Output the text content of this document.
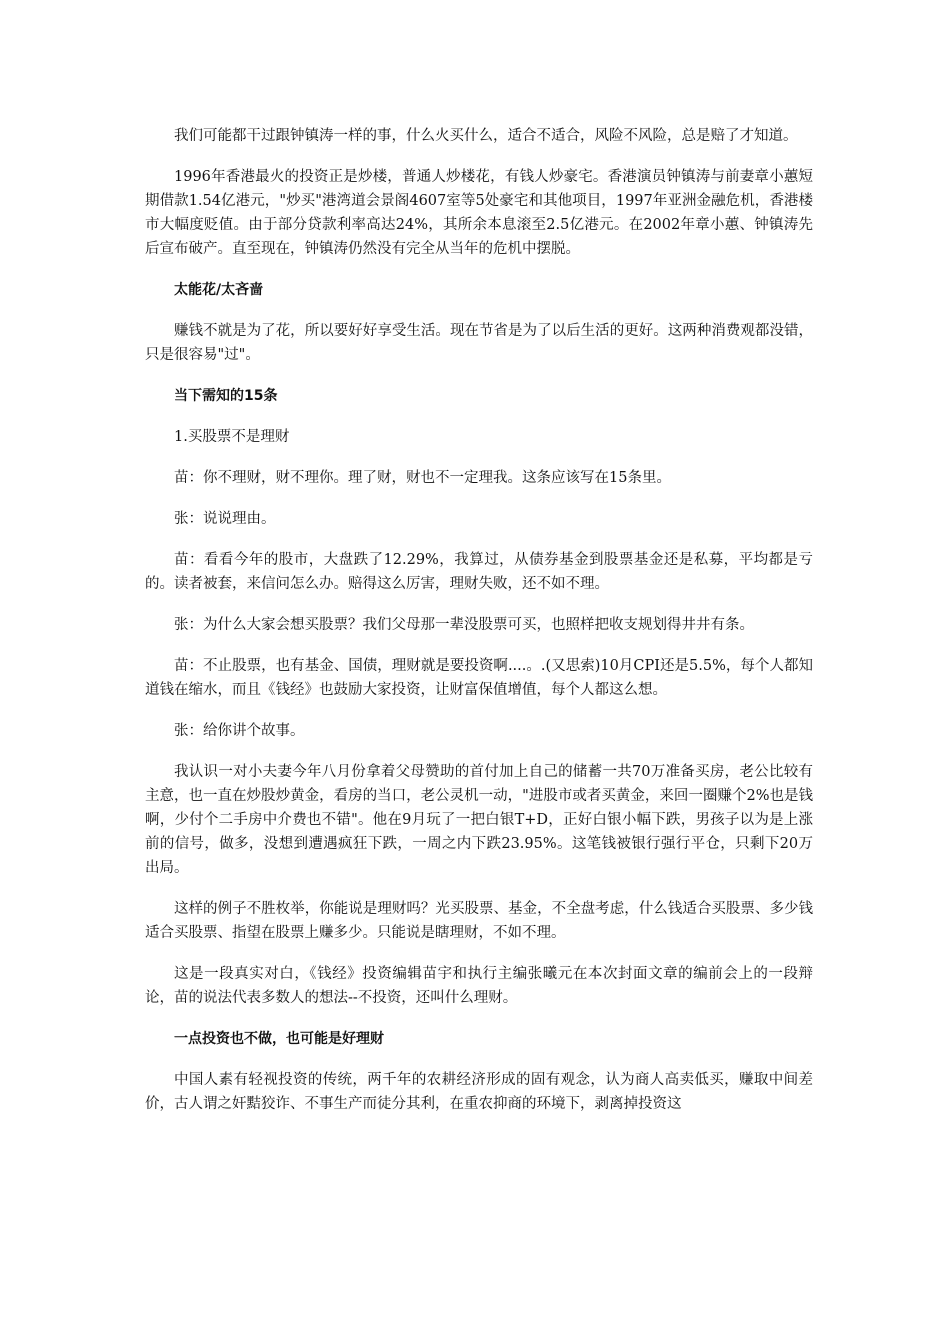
我们可能都干过跟钟镇涛一样的事，什么火买什么，适合不适合，风险不风险，总是赔了才知道。

1996年香港最火的投资正是炒楼，普通人炒楼花，有钱人炒豪宅。香港演员钟镇涛与前妻章小蕙短期借款1.54亿港元，"炒买"港湾道会景阁4607室等5处豪宅和其他项目，1997年亚洲金融危机，香港楼市大幅度贬值。由于部分贷款利率高达24%，其所余本息滚至2.5亿港元。在2002年章小蕙、钟镇涛先后宣布破产。直至现在，钟镇涛仍然没有完全从当年的危机中摆脱。

太能花/太吝啬

赚钱不就是为了花，所以要好好享受生活。现在节省是为了以后生活的更好。这两种消费观都没错，只是很容易"过"。

当下需知的15条

1.买股票不是理财

苗：你不理财，财不理你。理了财，财也不一定理我。这条应该写在15条里。

张：说说理由。

苗：看看今年的股市，大盘跌了12.29%，我算过，从债券基金到股票基金还是私募，平均都是亏的。读者被套，来信问怎么办。赔得这么厉害，理财失败，还不如不理。

张：为什么大家会想买股票？我们父母那一辈没股票可买，也照样把收支规划得井井有条。

苗：不止股票，也有基金、国债，理财就是要投资啊....。.(又思索)10月CPI还是5.5%，每个人都知道钱在缩水，而且《钱经》也鼓励大家投资，让财富保值增值，每个人都这么想。

张：给你讲个故事。

我认识一对小夫妻今年八月份拿着父母赞助的首付加上自己的储蓄一共70万准备买房，老公比较有主意，也一直在炒股炒黄金，看房的当口，老公灵机一动，"进股市或者买黄金，来回一圈赚个2%也是钱啊，少付个二手房中介费也不错"。他在9月玩了一把白银T+D，正好白银小幅下跌，男孩子以为是上涨前的信号，做多，没想到遭遇疯狂下跌，一周之内下跌23.95%。这笔钱被银行强行平仓，只剩下20万出局。

这样的例子不胜枚举，你能说是理财吗？光买股票、基金，不全盘考虑，什么钱适合买股票、多少钱适合买股票、指望在股票上赚多少。只能说是瞎理财，不如不理。

这是一段真实对白，《钱经》投资编辑苗宇和执行主编张曦元在本次封面文章的编前会上的一段辩论，苗的说法代表多数人的想法--不投资，还叫什么理财。

一点投资也不做，也可能是好理财

中国人素有轻视投资的传统，两千年的农耕经济形成的固有观念，认为商人高卖低买，赚取中间差价，古人谓之奸黠狡诈、不事生产而徒分其利，在重农抑商的环境下，剥离掉投资这
